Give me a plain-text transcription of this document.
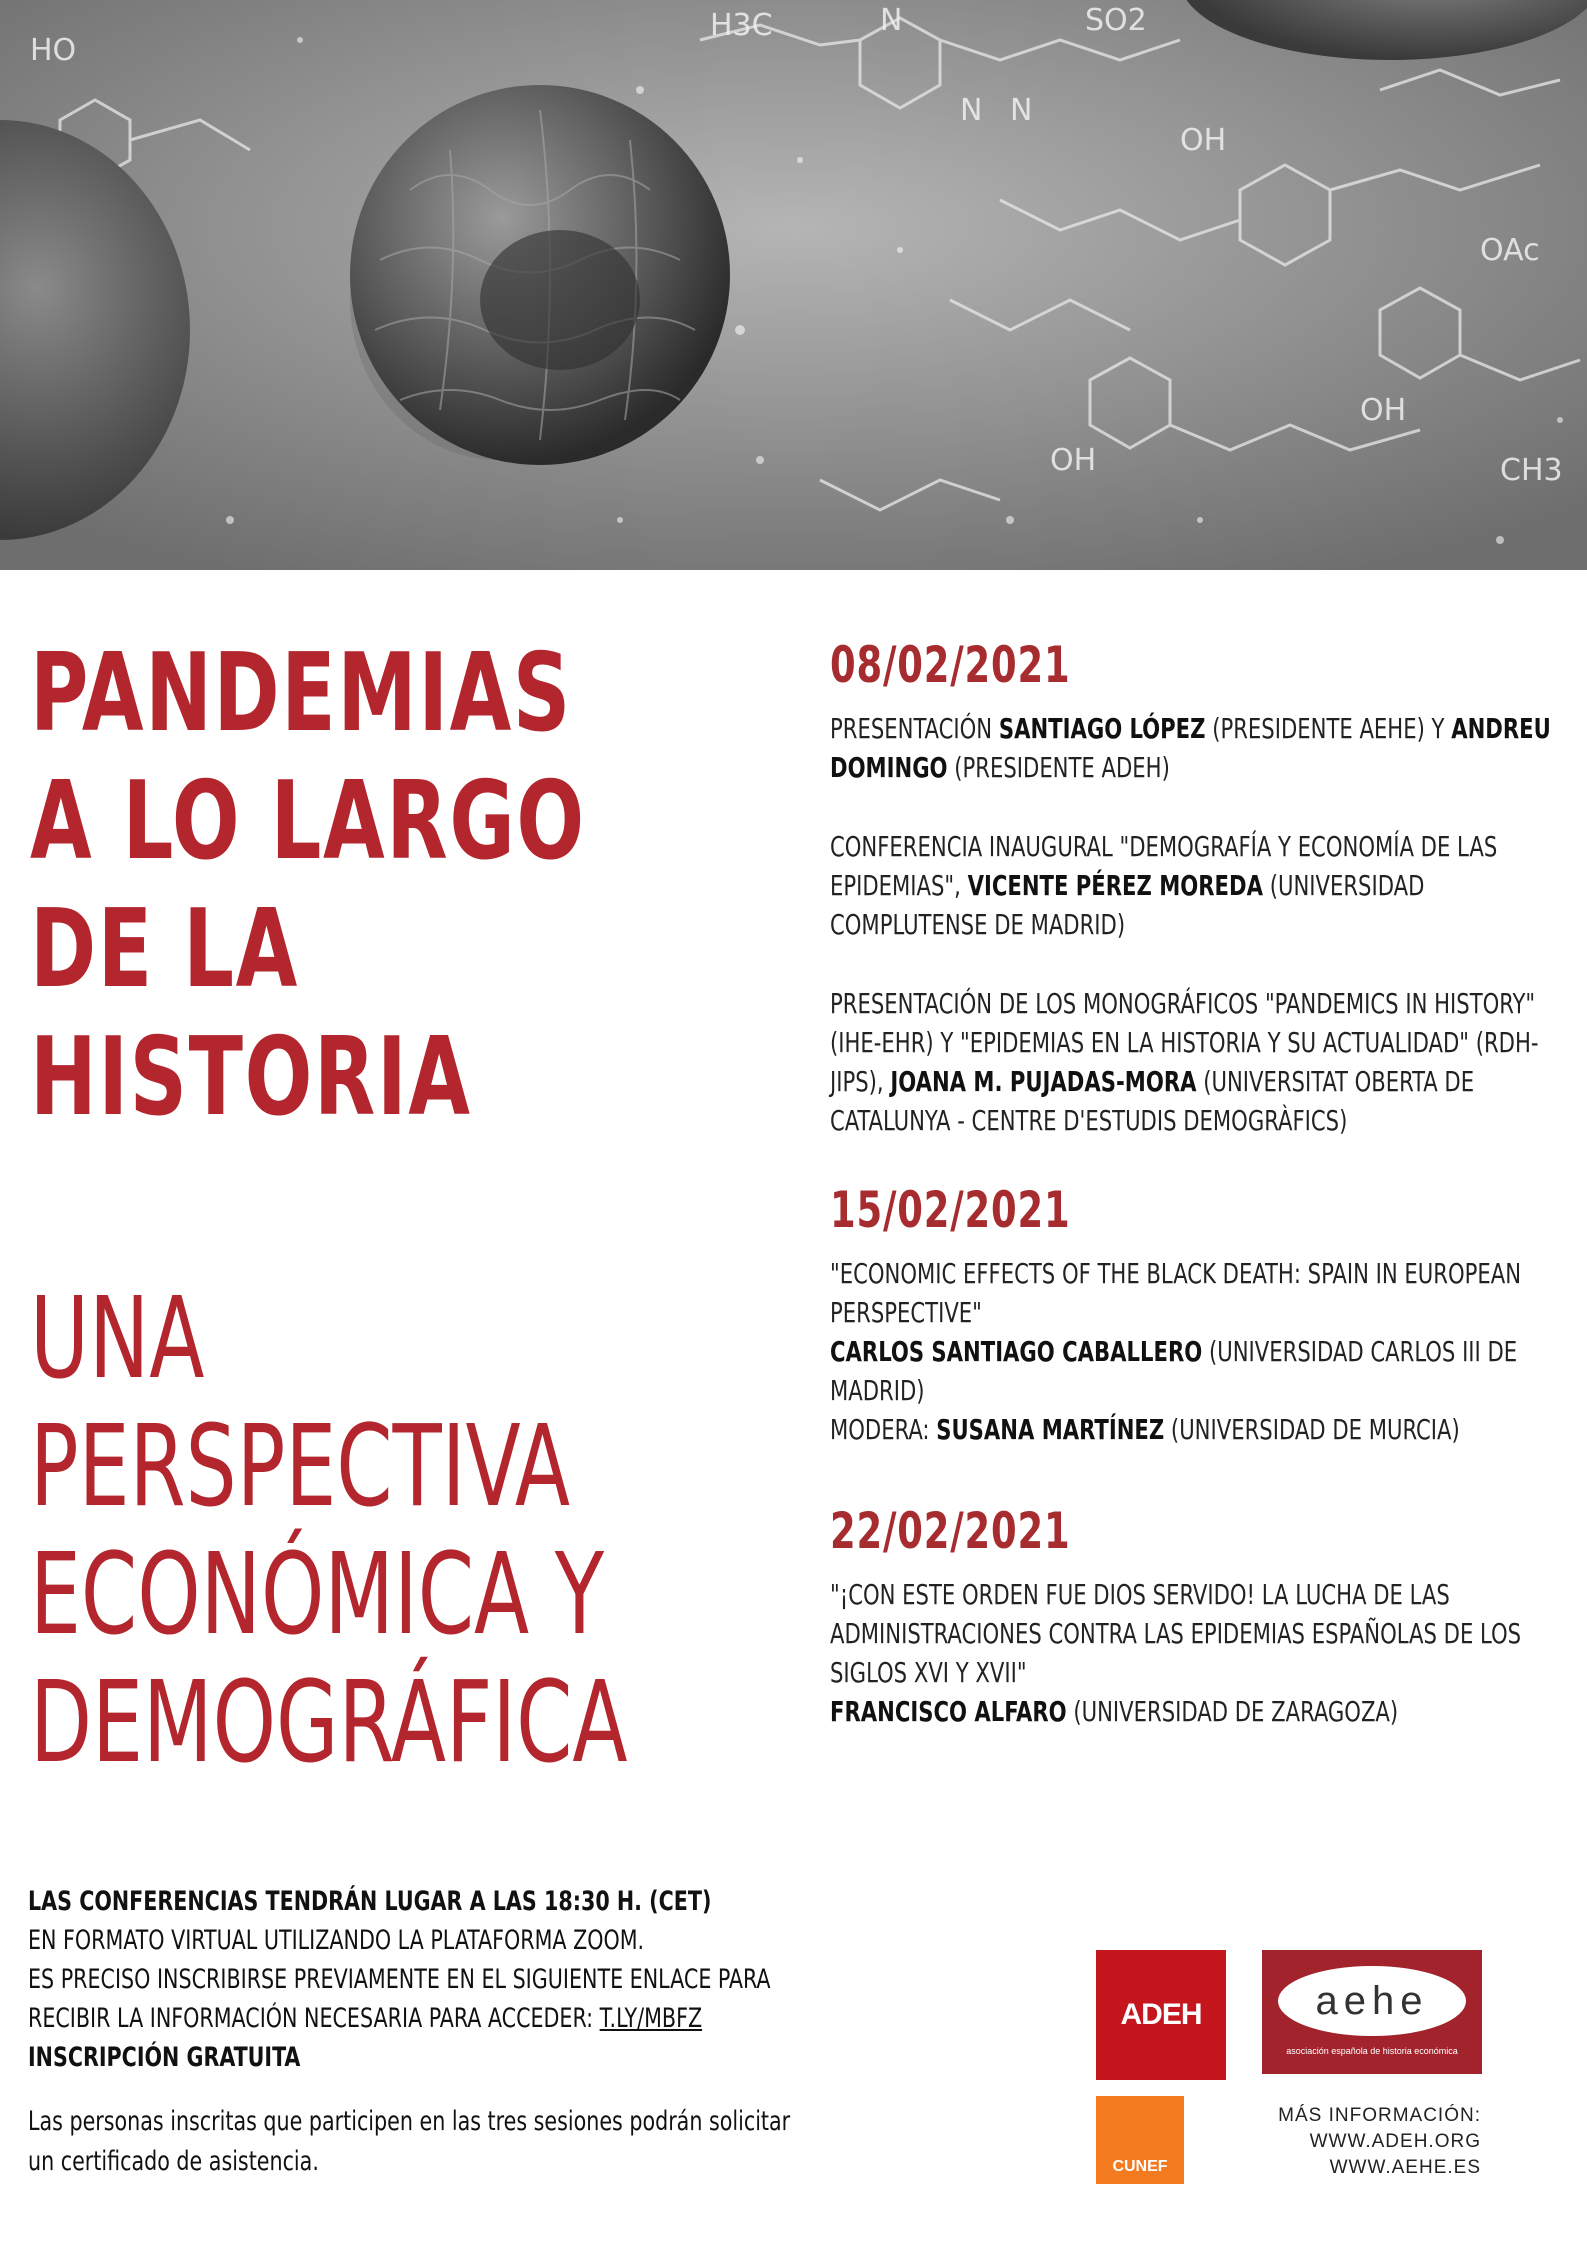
H3C	N	SO2
N N
OH
OAc
OH
CH3
HO
OH
PANDEMIAS
A LO LARGO
DE LA
HISTORIA
UNA
PERSPECTIVA
ECONÓMICA Y
DEMOGRÁFICA
08/02/2021
PRESENTACIÓN SANTIAGO LÓPEZ (PRESIDENTE AEHE) Y ANDREU DOMINGO (PRESIDENTE ADEH)
CONFERENCIA INAUGURAL "DEMOGRAFÍA Y ECONOMÍA DE LAS EPIDEMIAS", VICENTE PÉREZ MOREDA (UNIVERSIDAD COMPLUTENSE DE MADRID)
PRESENTACIÓN DE LOS MONOGRÁFICOS "PANDEMICS IN HISTORY" (IHE-EHR) Y "EPIDEMIAS EN LA HISTORIA Y SU ACTUALIDAD" (RDH-JIPS), JOANA M. PUJADAS-MORA (UNIVERSITAT OBERTA DE CATALUNYA - CENTRE D'ESTUDIS DEMOGRÀFICS)
15/02/2021
"ECONOMIC EFFECTS OF THE BLACK DEATH: SPAIN IN EUROPEAN PERSPECTIVE"
CARLOS SANTIAGO CABALLERO (UNIVERSIDAD CARLOS III DE MADRID)
MODERA: SUSANA MARTÍNEZ (UNIVERSIDAD DE MURCIA)
22/02/2021
"¡CON ESTE ORDEN FUE DIOS SERVIDO! LA LUCHA DE LAS ADMINISTRACIONES CONTRA LAS EPIDEMIAS ESPAÑOLAS DE LOS SIGLOS XVI Y XVII"
FRANCISCO ALFARO (UNIVERSIDAD DE ZARAGOZA)
LAS CONFERENCIAS TENDRÁN LUGAR A LAS 18:30 H. (CET)
EN FORMATO VIRTUAL UTILIZANDO LA PLATAFORMA ZOOM.
ES PRECISO INSCRIBIRSE PREVIAMENTE EN EL SIGUIENTE ENLACE PARA
RECIBIR LA INFORMACIÓN NECESARIA PARA ACCEDER: T.LY/MBFZ
INSCRIPCIÓN GRATUITA
Las personas inscritas que participen en las tres sesiones podrán solicitar un certificado de asistencia.
ADEH	aehe
asociación española de historia económica
CUNEF
MÁS INFORMACIÓN:
WWW.ADEH.ORG
WWW.AEHE.ES
